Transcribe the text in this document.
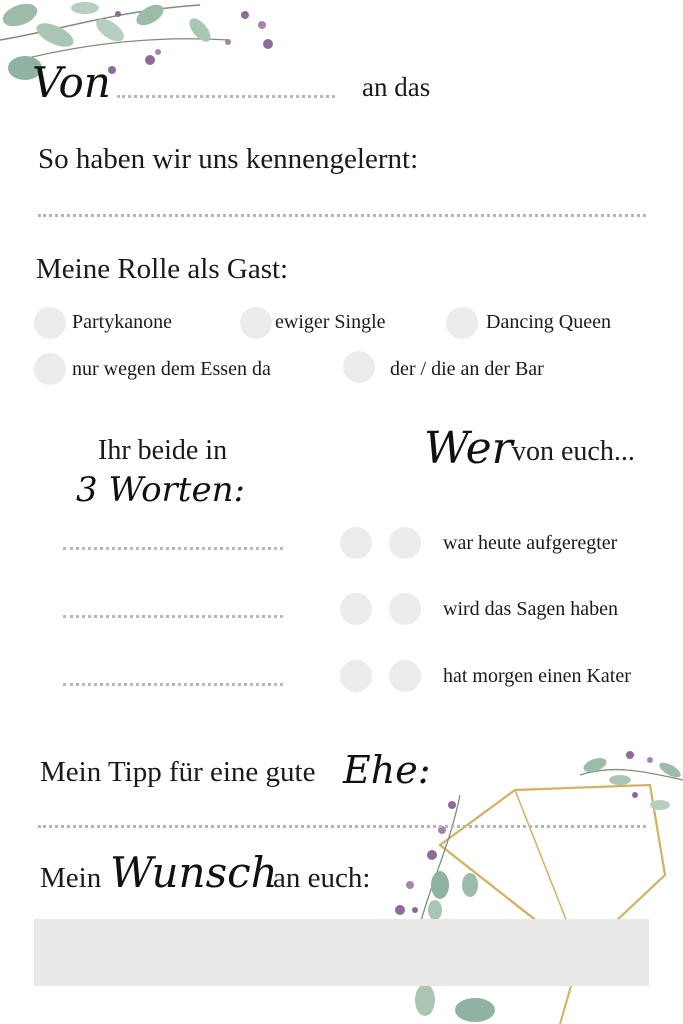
Von	an das
So haben wir uns kennengelernt:
Meine Rolle als Gast:
Partykanone	ewiger Single	Dancing Queen
nur wegen dem Essen da	der / die an der Bar
Ihr beide in
3 Worten:
Wer von euch...
war heute aufgeregter
wird das Sagen haben
hat morgen einen Kater
Mein Tipp für eine gute Ehe:
Mein Wunsch
an euch:
